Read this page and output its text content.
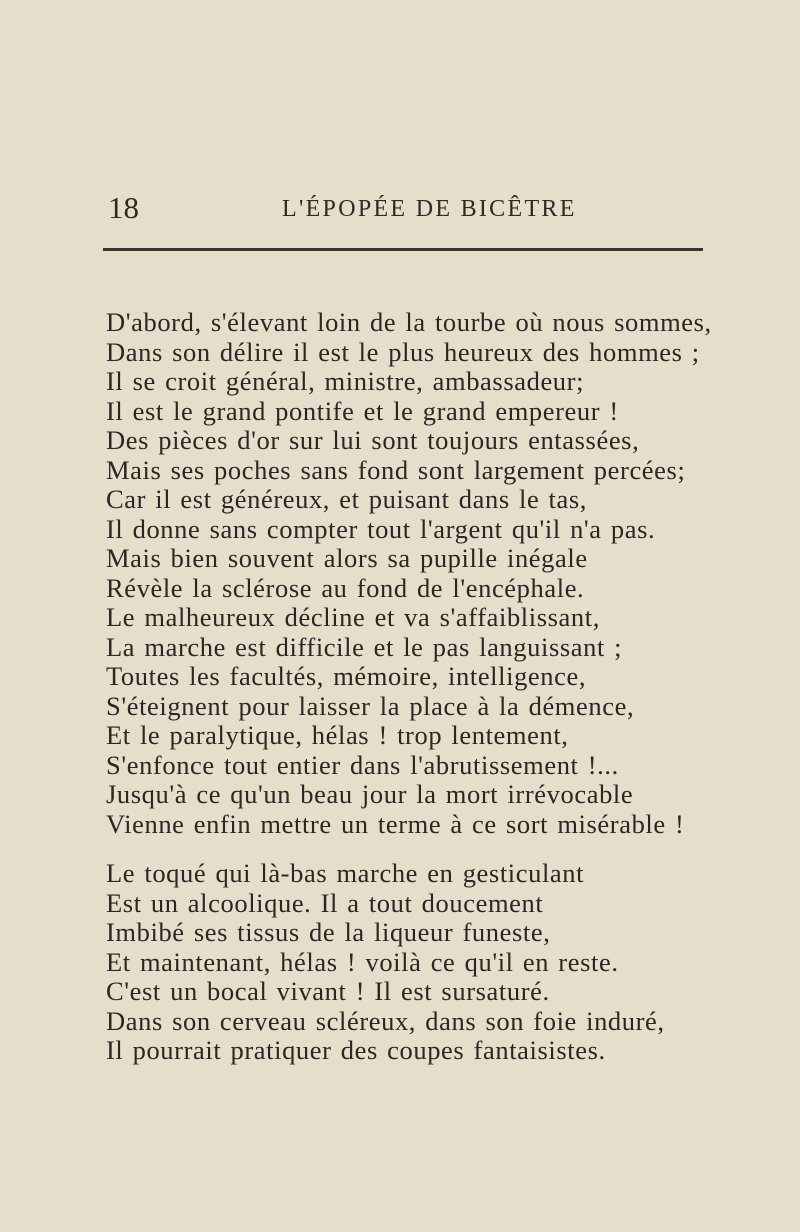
18	L'ÉPOPÉE DE BICÊTRE
D'abord, s'élevant loin de la tourbe où nous sommes,
Dans son délire il est le plus heureux des hommes ;
Il se croit général, ministre, ambassadeur;
Il est le grand pontife et le grand empereur !
Des pièces d'or sur lui sont toujours entassées,
Mais ses poches sans fond sont largement percées;
Car il est généreux, et puisant dans le tas,
Il donne sans compter tout l'argent qu'il n'a pas.
Mais bien souvent alors sa pupille inégale
Révèle la sclérose au fond de l'encéphale.
Le malheureux décline et va s'affaiblissant,
La marche est difficile et le pas languissant ;
Toutes les facultés, mémoire, intelligence,
S'éteignent pour laisser la place à la démence,
Et le paralytique, hélas ! trop lentement,
S'enfonce tout entier dans l'abrutissement !...
Jusqu'à ce qu'un beau jour la mort irrévocable
Vienne enfin mettre un terme à ce sort misérable !
Le toqué qui là-bas marche en gesticulant
Est un alcoolique. Il a tout doucement
Imbibé ses tissus de la liqueur funeste,
Et maintenant, hélas ! voilà ce qu'il en reste.
C'est un bocal vivant ! Il est sursaturé.
Dans son cerveau scléreux, dans son foie induré,
Il pourrait pratiquer des coupes fantaisistes.
